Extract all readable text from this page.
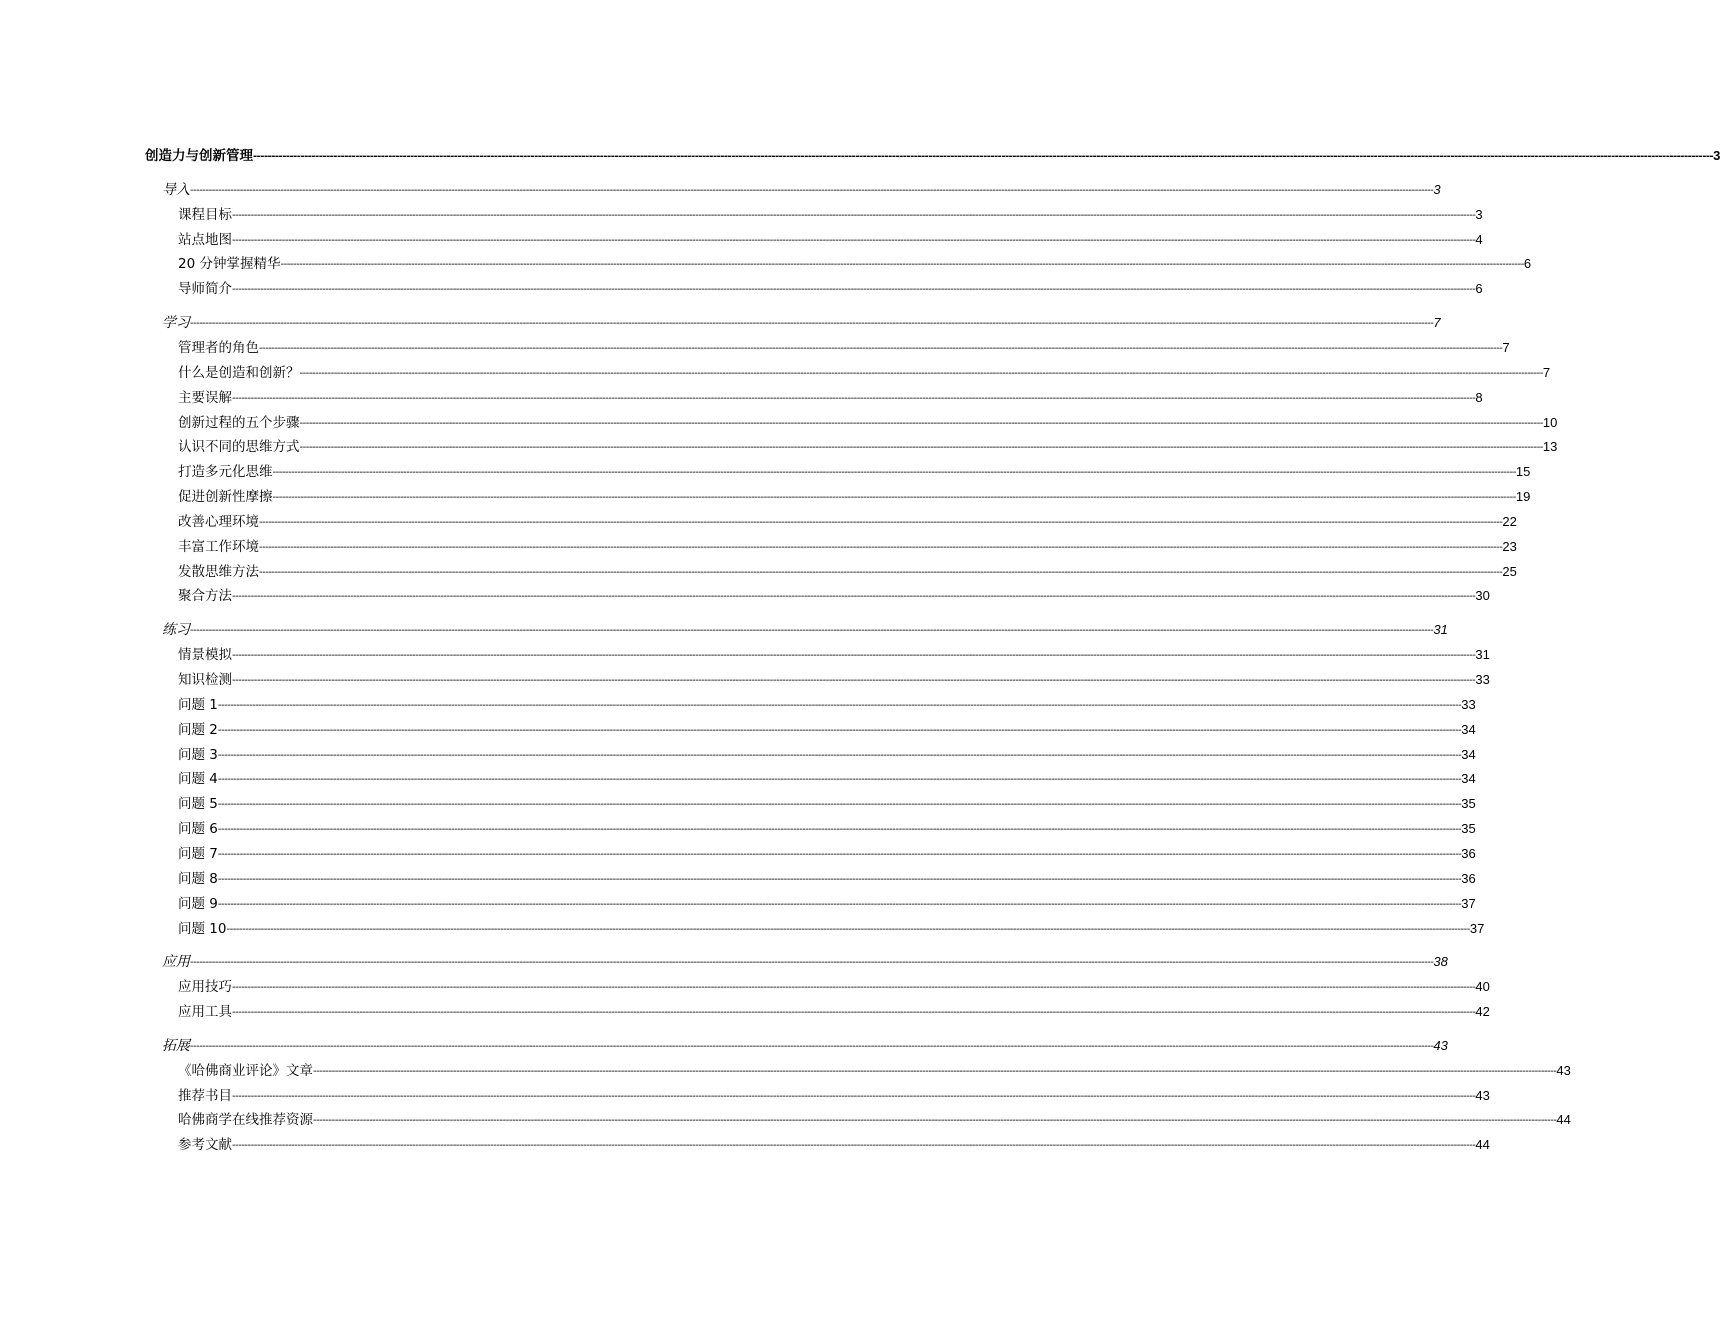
创造力与创新管理 ---------------------------------------------------------------------------------------------------------------------------------------------------------------------------------------------------------------------------------------------------------------------------------------------------------------------------------------------------------------------------------------------------------------- 3
导入 ---------------------------------------------------------------------------------------------------------------------------------------------------------------------------------------------------------------------------------------------------------------------------------------------------------------------------------------------------------------------------------------------------------------- 3
课程目标 ---------------------------------------------------------------------------------------------------------------------------------------------------------------------------------------------------------------------------------------------------------------------------------------------------------------------------------------------------------------------------------------------------------------- 3
站点地图 ---------------------------------------------------------------------------------------------------------------------------------------------------------------------------------------------------------------------------------------------------------------------------------------------------------------------------------------------------------------------------------------------------------------- 4
20 分钟掌握精华 ---------------------------------------------------------------------------------------------------------------------------------------------------------------------------------------------------------------------------------------------------------------------------------------------------------------------------------------------------------------------------------------------------------------- 6
导师简介 ---------------------------------------------------------------------------------------------------------------------------------------------------------------------------------------------------------------------------------------------------------------------------------------------------------------------------------------------------------------------------------------------------------------- 6
学习 ---------------------------------------------------------------------------------------------------------------------------------------------------------------------------------------------------------------------------------------------------------------------------------------------------------------------------------------------------------------------------------------------------------------- 7
管理者的角色 ---------------------------------------------------------------------------------------------------------------------------------------------------------------------------------------------------------------------------------------------------------------------------------------------------------------------------------------------------------------------------------------------------------------- 7
什么是创造和创新？ ---------------------------------------------------------------------------------------------------------------------------------------------------------------------------------------------------------------------------------------------------------------------------------------------------------------------------------------------------------------------------------------------------------------- 7
主要误解 ---------------------------------------------------------------------------------------------------------------------------------------------------------------------------------------------------------------------------------------------------------------------------------------------------------------------------------------------------------------------------------------------------------------- 8
创新过程的五个步骤 ---------------------------------------------------------------------------------------------------------------------------------------------------------------------------------------------------------------------------------------------------------------------------------------------------------------------------------------------------------------------------------------------------------------- 10
认识不同的思维方式 ---------------------------------------------------------------------------------------------------------------------------------------------------------------------------------------------------------------------------------------------------------------------------------------------------------------------------------------------------------------------------------------------------------------- 13
打造多元化思维 ---------------------------------------------------------------------------------------------------------------------------------------------------------------------------------------------------------------------------------------------------------------------------------------------------------------------------------------------------------------------------------------------------------------- 15
促进创新性摩擦 ---------------------------------------------------------------------------------------------------------------------------------------------------------------------------------------------------------------------------------------------------------------------------------------------------------------------------------------------------------------------------------------------------------------- 19
改善心理环境 ---------------------------------------------------------------------------------------------------------------------------------------------------------------------------------------------------------------------------------------------------------------------------------------------------------------------------------------------------------------------------------------------------------------- 22
丰富工作环境 ---------------------------------------------------------------------------------------------------------------------------------------------------------------------------------------------------------------------------------------------------------------------------------------------------------------------------------------------------------------------------------------------------------------- 23
发散思维方法 ---------------------------------------------------------------------------------------------------------------------------------------------------------------------------------------------------------------------------------------------------------------------------------------------------------------------------------------------------------------------------------------------------------------- 25
聚合方法 ---------------------------------------------------------------------------------------------------------------------------------------------------------------------------------------------------------------------------------------------------------------------------------------------------------------------------------------------------------------------------------------------------------------- 30
练习 ---------------------------------------------------------------------------------------------------------------------------------------------------------------------------------------------------------------------------------------------------------------------------------------------------------------------------------------------------------------------------------------------------------------- 31
情景模拟 ---------------------------------------------------------------------------------------------------------------------------------------------------------------------------------------------------------------------------------------------------------------------------------------------------------------------------------------------------------------------------------------------------------------- 31
知识检测 ---------------------------------------------------------------------------------------------------------------------------------------------------------------------------------------------------------------------------------------------------------------------------------------------------------------------------------------------------------------------------------------------------------------- 33
问题 1 ---------------------------------------------------------------------------------------------------------------------------------------------------------------------------------------------------------------------------------------------------------------------------------------------------------------------------------------------------------------------------------------------------------------- 33
问题 2 ---------------------------------------------------------------------------------------------------------------------------------------------------------------------------------------------------------------------------------------------------------------------------------------------------------------------------------------------------------------------------------------------------------------- 34
问题 3 ---------------------------------------------------------------------------------------------------------------------------------------------------------------------------------------------------------------------------------------------------------------------------------------------------------------------------------------------------------------------------------------------------------------- 34
问题 4 ---------------------------------------------------------------------------------------------------------------------------------------------------------------------------------------------------------------------------------------------------------------------------------------------------------------------------------------------------------------------------------------------------------------- 34
问题 5 ---------------------------------------------------------------------------------------------------------------------------------------------------------------------------------------------------------------------------------------------------------------------------------------------------------------------------------------------------------------------------------------------------------------- 35
问题 6 ---------------------------------------------------------------------------------------------------------------------------------------------------------------------------------------------------------------------------------------------------------------------------------------------------------------------------------------------------------------------------------------------------------------- 35
问题 7 ---------------------------------------------------------------------------------------------------------------------------------------------------------------------------------------------------------------------------------------------------------------------------------------------------------------------------------------------------------------------------------------------------------------- 36
问题 8 ---------------------------------------------------------------------------------------------------------------------------------------------------------------------------------------------------------------------------------------------------------------------------------------------------------------------------------------------------------------------------------------------------------------- 36
问题 9 ---------------------------------------------------------------------------------------------------------------------------------------------------------------------------------------------------------------------------------------------------------------------------------------------------------------------------------------------------------------------------------------------------------------- 37
问题 10 ---------------------------------------------------------------------------------------------------------------------------------------------------------------------------------------------------------------------------------------------------------------------------------------------------------------------------------------------------------------------------------------------------------------- 37
应用 ---------------------------------------------------------------------------------------------------------------------------------------------------------------------------------------------------------------------------------------------------------------------------------------------------------------------------------------------------------------------------------------------------------------- 38
应用技巧 ---------------------------------------------------------------------------------------------------------------------------------------------------------------------------------------------------------------------------------------------------------------------------------------------------------------------------------------------------------------------------------------------------------------- 40
应用工具 ---------------------------------------------------------------------------------------------------------------------------------------------------------------------------------------------------------------------------------------------------------------------------------------------------------------------------------------------------------------------------------------------------------------- 42
拓展 ---------------------------------------------------------------------------------------------------------------------------------------------------------------------------------------------------------------------------------------------------------------------------------------------------------------------------------------------------------------------------------------------------------------- 43
《哈佛商业评论》文章 ---------------------------------------------------------------------------------------------------------------------------------------------------------------------------------------------------------------------------------------------------------------------------------------------------------------------------------------------------------------------------------------------------------------- 43
推荐书目 ---------------------------------------------------------------------------------------------------------------------------------------------------------------------------------------------------------------------------------------------------------------------------------------------------------------------------------------------------------------------------------------------------------------- 43
哈佛商学在线推荐资源 ---------------------------------------------------------------------------------------------------------------------------------------------------------------------------------------------------------------------------------------------------------------------------------------------------------------------------------------------------------------------------------------------------------------- 44
参考文献 ---------------------------------------------------------------------------------------------------------------------------------------------------------------------------------------------------------------------------------------------------------------------------------------------------------------------------------------------------------------------------------------------------------------- 44
